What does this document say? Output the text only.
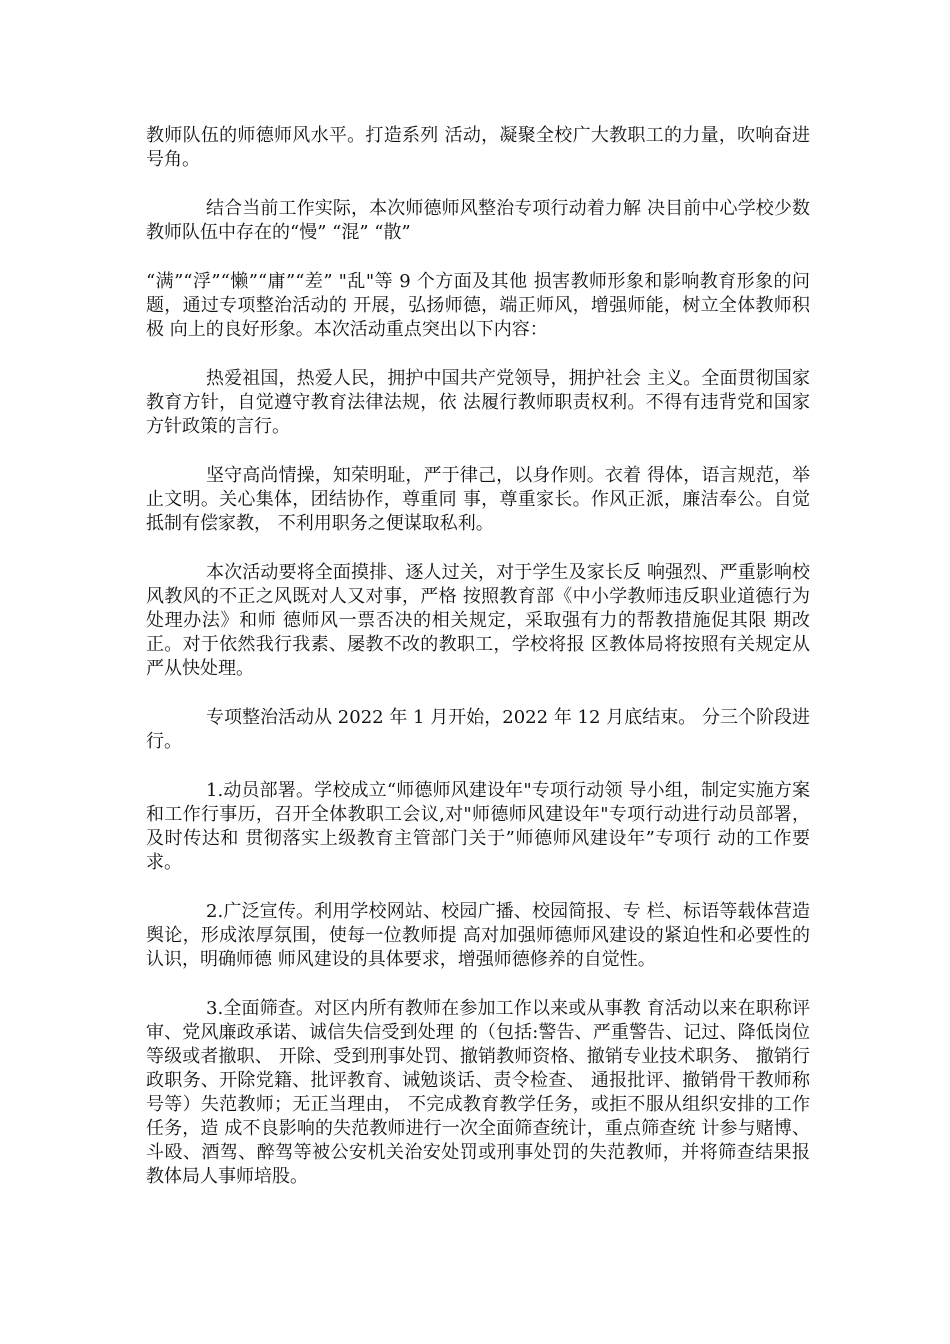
教师队伍的师德师风水平。打造系列 活动，凝聚全校广大教职工的力量，吹响奋进号角。

结合当前工作实际，本次师德师风整治专项行动着力解 决目前中心学校少数教师队伍中存在的“慢” “混” “散”

“满”“浮”“懒”“庸”“差” "乱"等 9 个方面及其他 损害教师形象和影响教育形象的问题，通过专项整治活动的 开展，弘扬师德，端正师风，增强师能，树立全体教师积极 向上的良好形象。本次活动重点突出以下内容：

热爱祖国，热爱人民，拥护中国共产党领导，拥护社会 主义。全面贯彻国家教育方针，自觉遵守教育法律法规，依 法履行教师职责权利。不得有违背党和国家方针政策的言行。

坚守高尚情操，知荣明耻，严于律己，以身作则。衣着 得体，语言规范，举止文明。关心集体，团结协作，尊重同 事，尊重家长。作风正派，廉洁奉公。自觉抵制有偿家教， 不利用职务之便谋取私利。

本次活动要将全面摸排、逐人过关，对于学生及家长反 响强烈、严重影响校风教风的不正之风既对人又对事，严格 按照教育部《中小学教师违反职业道德行为处理办法》和师 德师风一票否决的相关规定，采取强有力的帮教措施促其限 期改正。对于依然我行我素、屡教不改的教职工，学校将报 区教体局将按照有关规定从严从快处理。

专项整治活动从 2022 年 1 月开始，2022 年 12 月底结束。 分三个阶段进行。

1.动员部署。学校成立“师德师风建设年"专项行动领 导小组，制定实施方案和工作行事历，召开全体教职工会议,对"师德师风建设年"专项行动进行动员部署，及时传达和 贯彻落实上级教育主管部门关于”师德师风建设年”专项行 动的工作要求。

2.广泛宣传。利用学校网站、校园广播、校园简报、专 栏、标语等载体营造舆论，形成浓厚氛围，使每一位教师提 高对加强师德师风建设的紧迫性和必要性的认识，明确师德 师风建设的具体要求，增强师德修养的自觉性。

3.全面筛查。对区内所有教师在参加工作以来或从事教 育活动以来在职称评审、党风廉政承诺、诚信失信受到处理 的（包括:警告、严重警告、记过、降低岗位等级或者撤职、 开除、受到刑事处罚、撤销教师资格、撤销专业技术职务、 撤销行政职务、开除党籍、批评教育、诫勉谈话、责令检查、 通报批评、撤销骨干教师称号等）失范教师；无正当理由， 不完成教育教学任务，或拒不服从组织安排的工作任务，造 成不良影响的失范教师进行一次全面筛查统计，重点筛查统 计参与赌博、斗殴、酒驾、醉驾等被公安机关治安处罚或刑事处罚的失范教师，并将筛查结果报教体局人事师培股。
